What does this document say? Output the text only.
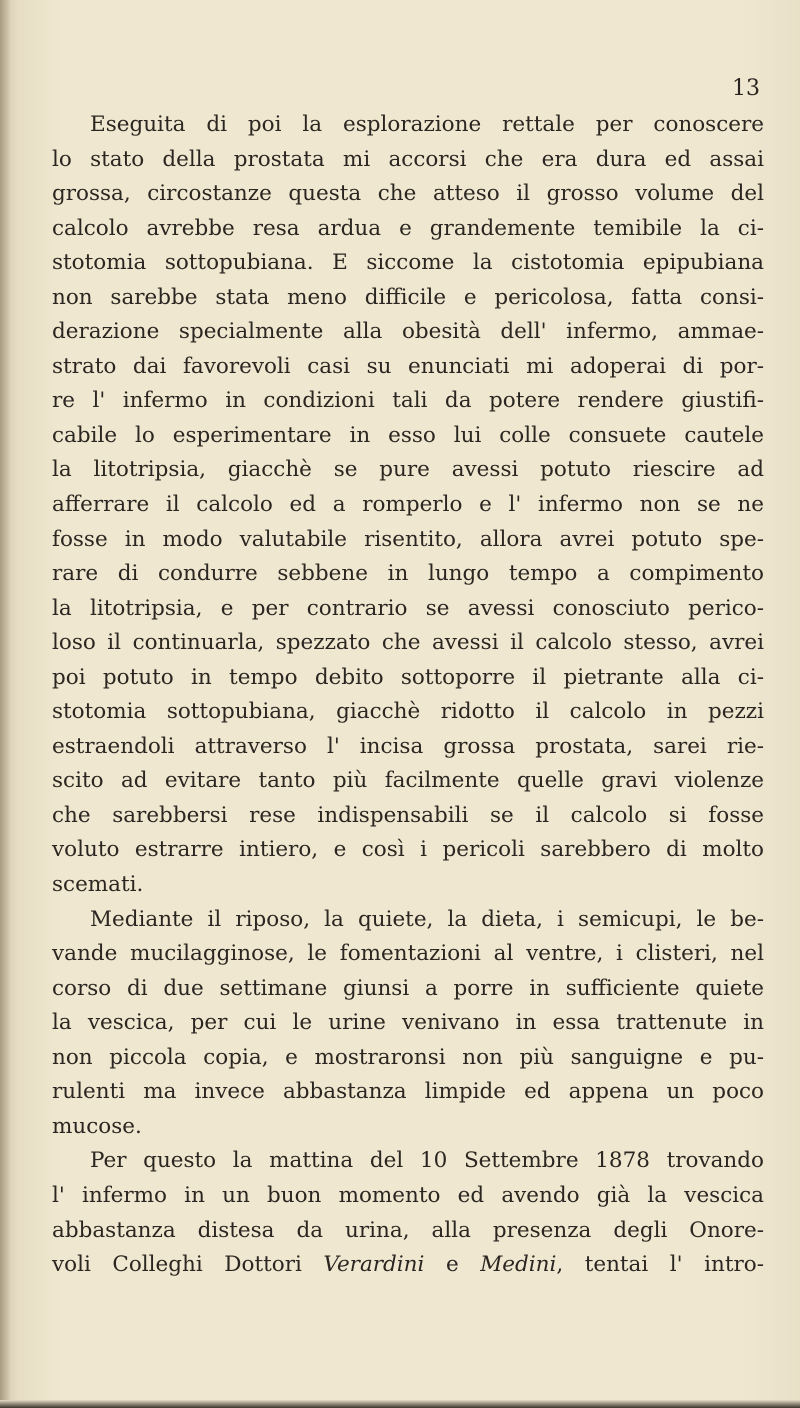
13
Eseguita di poi la esplorazione rettale per conoscere
lo stato della prostata mi accorsi che era dura ed assai
grossa, circostanze questa che atteso il grosso volume del
calcolo avrebbe resa ardua e grandemente temibile la ci-
stotomia sottopubiana. E siccome la cistotomia epipubiana
non sarebbe stata meno difficile e pericolosa, fatta consi-
derazione specialmente alla obesità dell' infermo, ammae-
strato dai favorevoli casi su enunciati mi adoperai di por-
re l' infermo in condizioni tali da potere rendere giustifi-
cabile lo esperimentare in esso lui colle consuete cautele
la litotripsia, giacchè se pure avessi potuto riescire ad
afferrare il calcolo ed a romperlo e l' infermo non se ne
fosse in modo valutabile risentito, allora avrei potuto spe-
rare di condurre sebbene in lungo tempo a compimento
la litotripsia, e per contrario se avessi conosciuto perico-
loso il continuarla, spezzato che avessi il calcolo stesso, avrei
poi potuto in tempo debito sottoporre il pietrante alla ci-
stotomia sottopubiana, giacchè ridotto il calcolo in pezzi
estraendoli attraverso l' incisa grossa prostata, sarei rie-
scito ad evitare tanto più facilmente quelle gravi violenze
che sarebbersi rese indispensabili se il calcolo si fosse
voluto estrarre intiero, e così i pericoli sarebbero di molto
scemati.
Mediante il riposo, la quiete, la dieta, i semicupi, le be-
vande mucilagginose, le fomentazioni al ventre, i clisteri, nel
corso di due settimane giunsi a porre in sufficiente quiete
la vescica, per cui le urine venivano in essa trattenute in
non piccola copia, e mostraronsi non più sanguigne e pu-
rulenti ma invece abbastanza limpide ed appena un poco
mucose.
Per questo la mattina del 10 Settembre 1878 trovando
l' infermo in un buon momento ed avendo già la vescica
abbastanza distesa da urina, alla presenza degli Onore-
voli Colleghi Dottori Verardini e Medini, tentai l' intro-
